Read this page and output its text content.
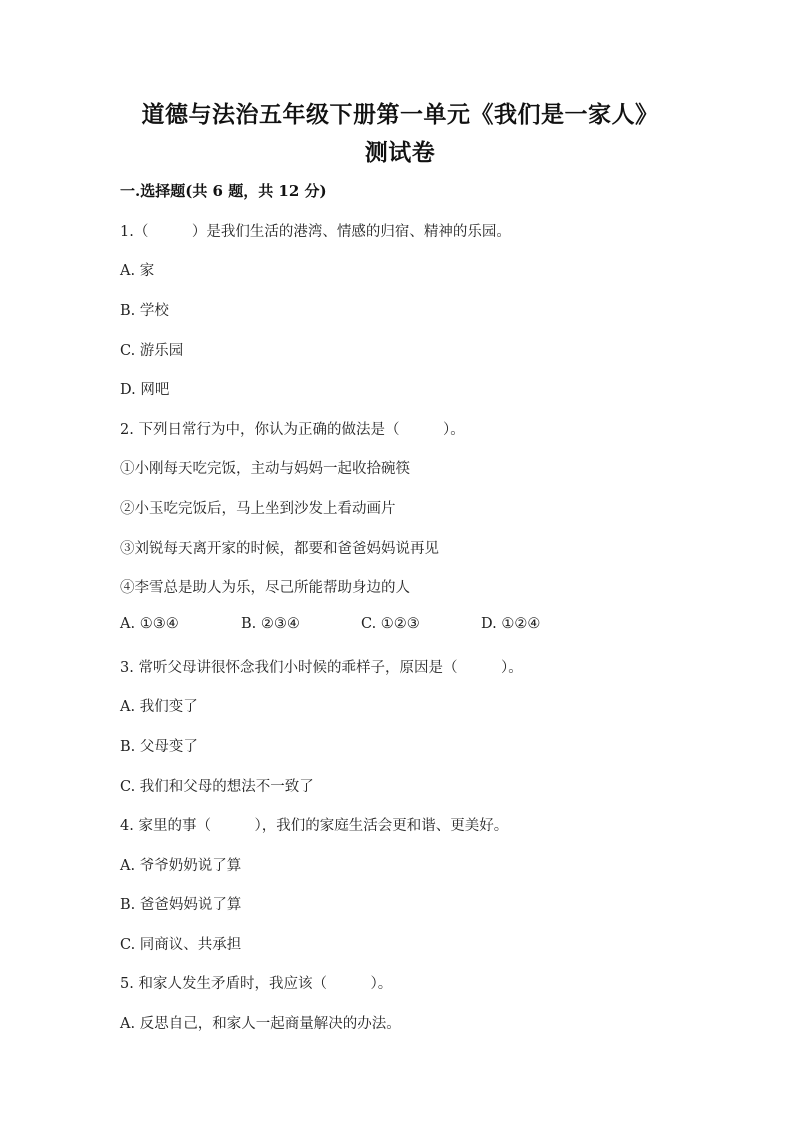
道德与法治五年级下册第一单元《我们是一家人》
测试卷
一.选择题(共 6 题，共 12 分)
1.（　　　）是我们生活的港湾、情感的归宿、精神的乐园。
A. 家
B. 学校
C. 游乐园
D. 网吧
2. 下列日常行为中，你认为正确的做法是（　　　）。
①小刚每天吃完饭，主动与妈妈一起收拾碗筷
②小玉吃完饭后，马上坐到沙发上看动画片
③刘锐每天离开家的时候，都要和爸爸妈妈说再见
④李雪总是助人为乐，尽己所能帮助身边的人
A. ①③④	B. ②③④	C. ①②③	D. ①②④
3. 常听父母讲很怀念我们小时候的乖样子，原因是（　　　）。
A. 我们变了
B. 父母变了
C. 我们和父母的想法不一致了
4. 家里的事（　　　），我们的家庭生活会更和谐、更美好。
A. 爷爷奶奶说了算
B. 爸爸妈妈说了算
C. 同商议、共承担
5. 和家人发生矛盾时，我应该（　　　）。
A. 反思自己，和家人一起商量解决的办法。
